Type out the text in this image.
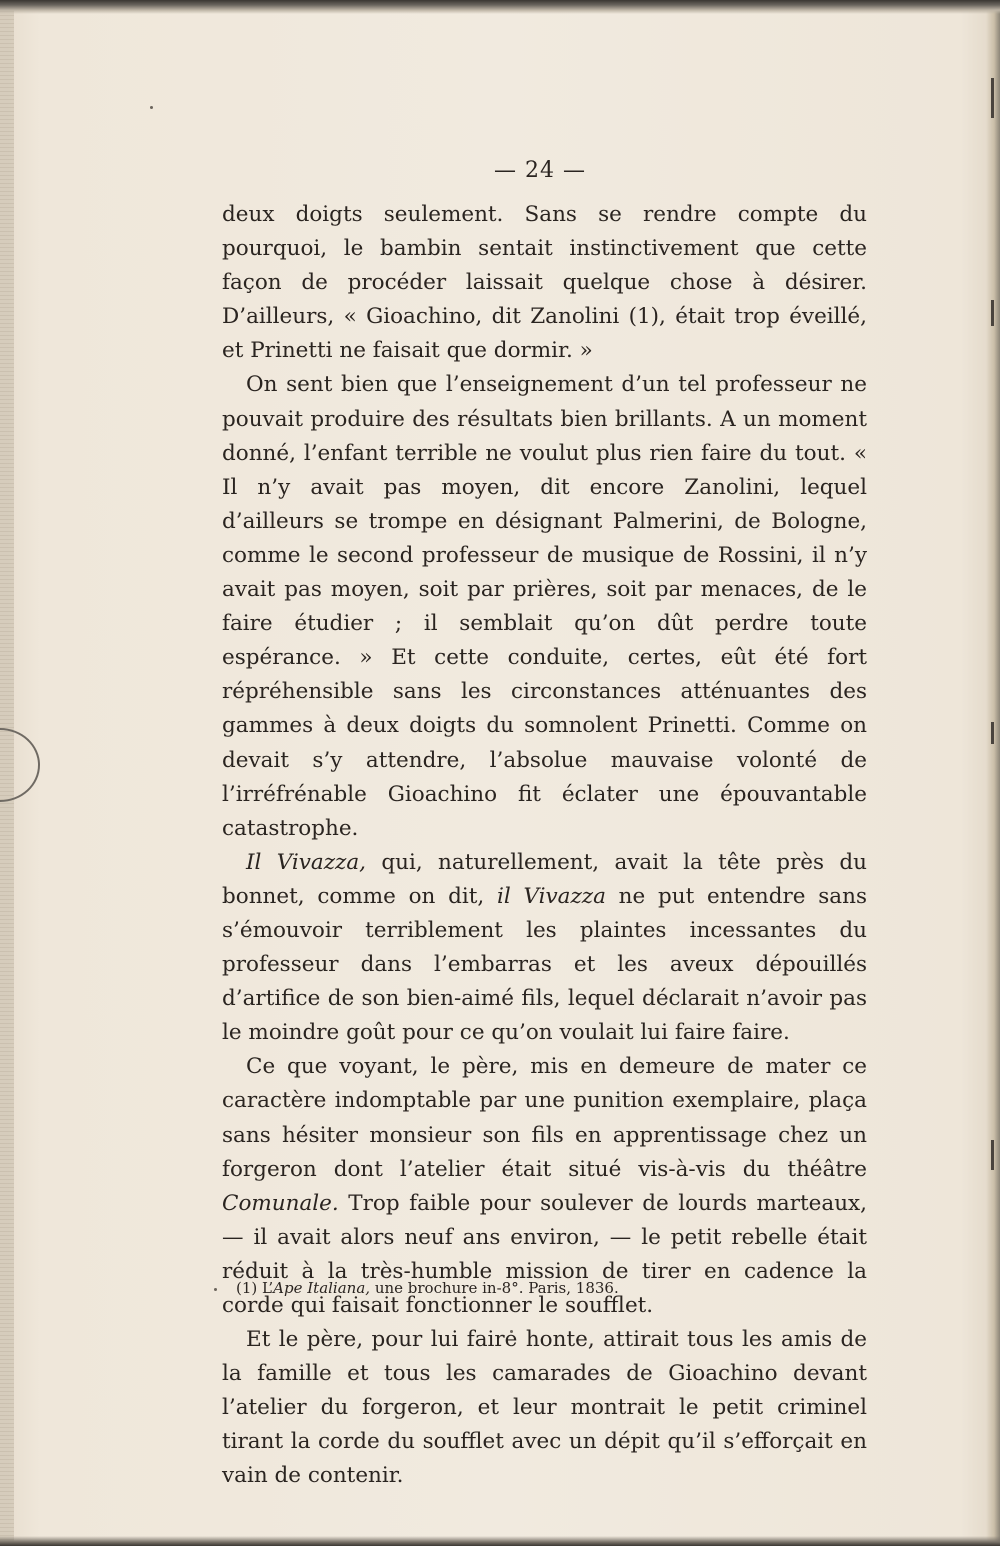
— 24 —

deux doigts seulement. Sans se rendre compte du pourquoi, le bambin sentait instinctivement que cette façon de procéder laissait quelque chose à désirer. D’ailleurs, « Gioachino, dit Zanolini (1), était trop éveillé, et Prinetti ne faisait que dormir. »

On sent bien que l’enseignement d’un tel professeur ne pouvait produire des résultats bien brillants. A un moment donné, l’enfant terrible ne voulut plus rien faire du tout. « Il n’y avait pas moyen, dit encore Zanolini, lequel d’ailleurs se trompe en désignant Palmerini, de Bologne, comme le second professeur de musique de Rossini, il n’y avait pas moyen, soit par prières, soit par menaces, de le faire étudier ; il semblait qu’on dût perdre toute espérance. » Et cette conduite, certes, eût été fort répréhensible sans les circonstances atténuantes des gammes à deux doigts du somnolent Prinetti. Comme on devait s’y attendre, l’absolue mauvaise volonté de l’irréfrénable Gioachino fit éclater une épouvantable catastrophe.

Il Vivazza, qui, naturellement, avait la tête près du bonnet, comme on dit, il Vivazza ne put entendre sans s’émouvoir terriblement les plaintes incessantes du professeur dans l’embarras et les aveux dépouillés d’artifice de son bien-aimé fils, lequel déclarait n’avoir pas le moindre goût pour ce qu’on voulait lui faire faire.

Ce que voyant, le père, mis en demeure de mater ce caractère indomptable par une punition exemplaire, plaça sans hésiter monsieur son fils en apprentissage chez un forgeron dont l’atelier était situé vis-à-vis du théâtre Comunale. Trop faible pour soulever de lourds marteaux, — il avait alors neuf ans environ, — le petit rebelle était réduit à la très-humble mission de tirer en cadence la corde qui faisait fonctionner le soufflet.

Et le père, pour lui faire honte, attirait tous les amis de la famille et tous les camarades de Gioachino devant l’atelier du forgeron, et leur montrait le petit criminel tirant la corde du soufflet avec un dépit qu’il s’efforçait en vain de contenir.

(1) L’Ape Italiana, une brochure in-8°. Paris, 1836.
